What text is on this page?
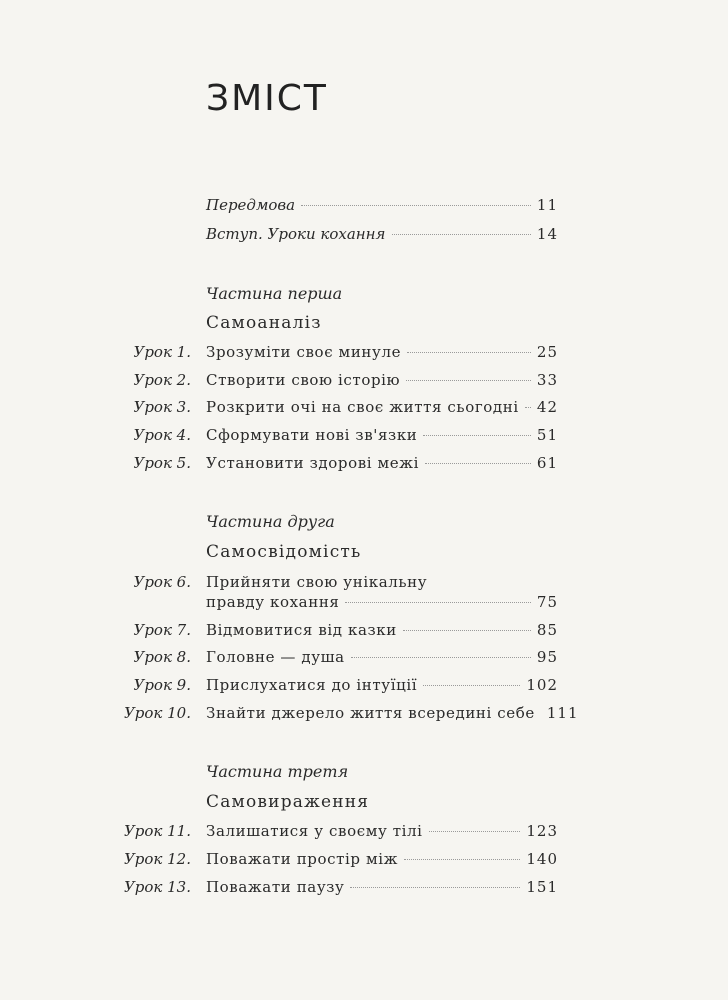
ЗМІСТ
Передмова	11
Вступ. Уроки кохання	14
Частина перша
Самоаналіз
Урок 1. Зрозуміти своє минуле	25
Урок 2. Створити свою історію	33
Урок 3. Розкрити очі на своє життя сьогодні 42
Урок 4. Сформувати нові зв'язки	51
Урок 5. Установити здорові межі	61
Частина друга
Самосвідомість
Урок 6. Прийняти свою унікальну
правду кохання	75
Урок 7. Відмовитися від казки	85
Урок 8. Головне — душа	95
Урок 9. Прислухатися до інтуїції	102
Урок 10. Знайти джерело життя всередині себе 111
Частина третя
Самовираження
Урок 11. Залишатися у своєму тілі	123
Урок 12. Поважати простір між	140
Урок 13. Поважати паузу	151
